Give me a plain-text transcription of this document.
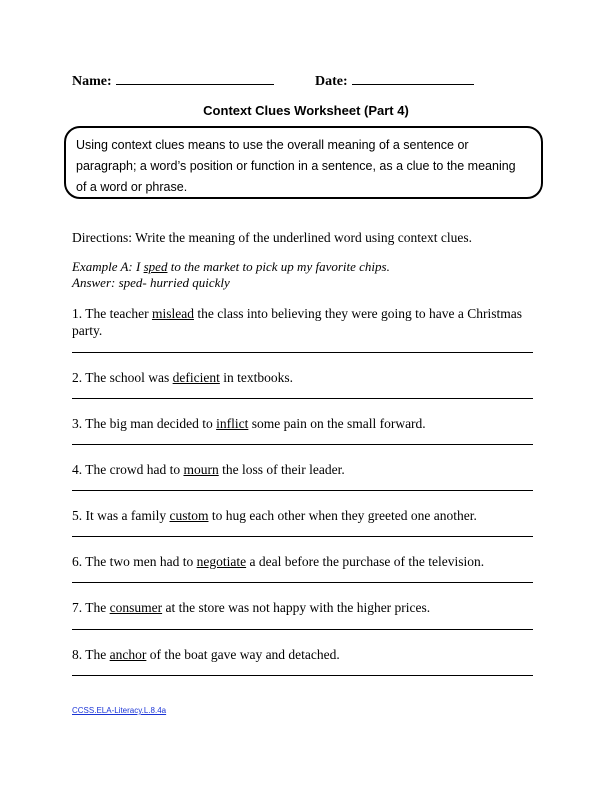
Name:	Date:
Context Clues Worksheet (Part 4)
Using context clues means to use the overall meaning of a sentence or
paragraph; a word’s position or function in a sentence, as a clue to the meaning
of a word or phrase.
Directions: Write the meaning of the underlined word using context clues.
Example A: I sped to the market to pick up my favorite chips.
Answer: sped- hurried quickly
1. The teacher mislead the class into believing they were going to have a Christmas
party.
2. The school was deficient in textbooks.
3. The big man decided to inflict some pain on the small forward.
4. The crowd had to mourn the loss of their leader.
5. It was a family custom to hug each other when they greeted one another.
6. The two men had to negotiate a deal before the purchase of the television.
7. The consumer at the store was not happy with the higher prices.
8. The anchor of the boat gave way and detached.
CCSS.ELA-Literacy.L.8.4a
